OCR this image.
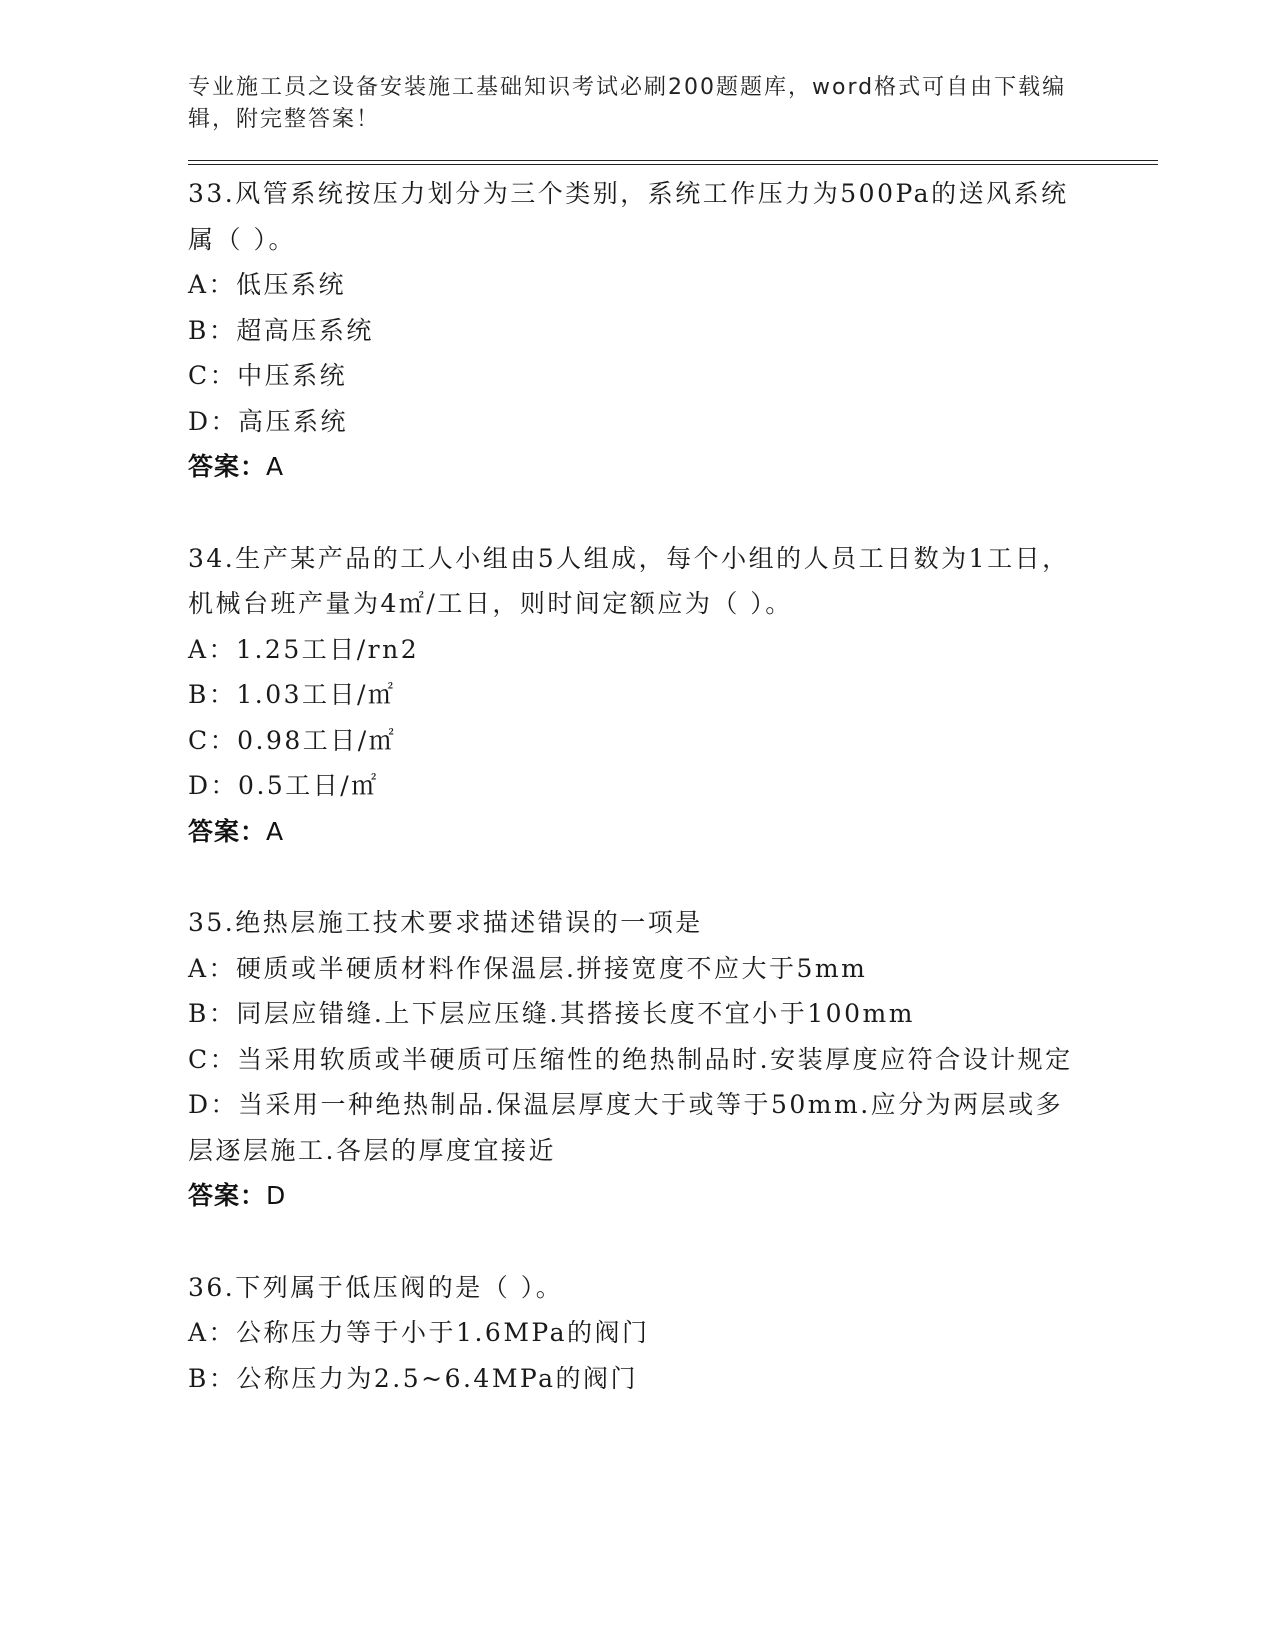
专业施工员之设备安装施工基础知识考试必刷200题题库，word格式可自由下载编辑，附完整答案！
33.风管系统按压力划分为三个类别，系统工作压力为500Pa的送风系统属（ ）。
A：低压系统
B：超高压系统
C：中压系统
D：高压系统
答案：A
34.生产某产品的工人小组由5人组成，每个小组的人员工日数为1工日，机械台班产量为4㎡/工日，则时间定额应为（ ）。
A：1.25工日/rn2
B：1.03工日/㎡
C：0.98工日/㎡
D：0.5工日/㎡
答案：A
35.绝热层施工技术要求描述错误的一项是
A：硬质或半硬质材料作保温层.拼接宽度不应大于5mm
B：同层应错缝.上下层应压缝.其搭接长度不宜小于100mm
C：当采用软质或半硬质可压缩性的绝热制品时.安装厚度应符合设计规定
D：当采用一种绝热制品.保温层厚度大于或等于50mm.应分为两层或多层逐层施工.各层的厚度宜接近
答案：D
36.下列属于低压阀的是（ ）。
A：公称压力等于小于1.6MPa的阀门
B：公称压力为2.5~6.4MPa的阀门
